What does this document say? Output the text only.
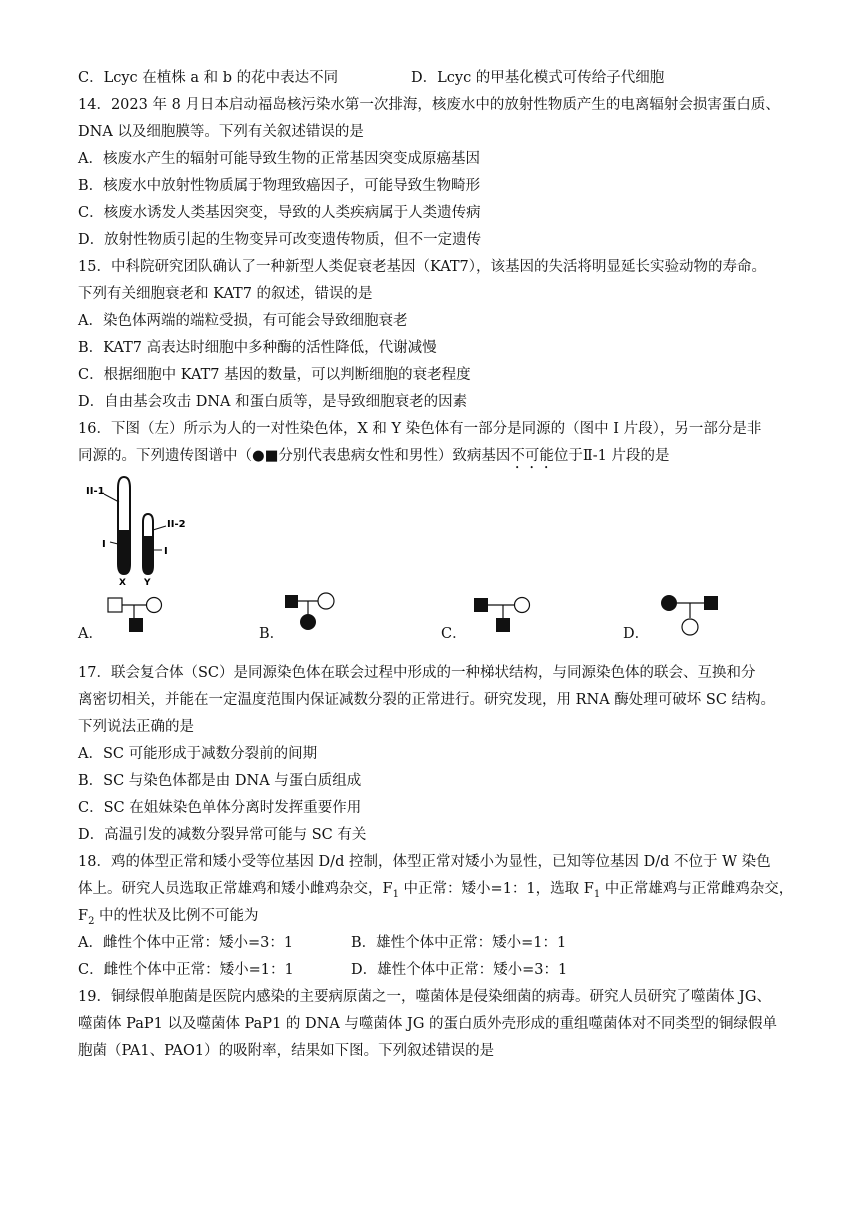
C．Lcyc 在植株 a 和 b 的花中表达不同	D．Lcyc 的甲基化模式可传给子代细胞
14．2023 年 8 月日本启动福岛核污染水第一次排海，核废水中的放射性物质产生的电离辐射会损害蛋白质、
DNA 以及细胞膜等。下列有关叙述错误的是
A．核废水产生的辐射可能导致生物的正常基因突变成原癌基因
B．核废水中放射性物质属于物理致癌因子，可能导致生物畸形
C．核废水诱发人类基因突变，导致的人类疾病属于人类遗传病
D．放射性物质引起的生物变异可改变遗传物质，但不一定遗传
15．中科院研究团队确认了一种新型人类促衰老基因（KAT7），该基因的失活将明显延长实验动物的寿命。
下列有关细胞衰老和 KAT7 的叙述，错误的是
A．染色体两端的端粒受损，有可能会导致细胞衰老
B．KAT7 高表达时细胞中多种酶的活性降低，代谢减慢
C．根据细胞中 KAT7 基因的数量，可以判断细胞的衰老程度
D．自由基会攻击 DNA 和蛋白质等，是导致细胞衰老的因素
16．下图（左）所示为人的一对性染色体，X 和 Y 染色体有一部分是同源的（图中 I 片段），另一部分是非
同源的。下列遗传图谱中（●■分别代表患病女性和男性）致病基因不可能位于Ⅱ-1 片段的是
II-1
II-2
I
I
X Y
A．	B．	C．	D．
17．联会复合体（SC）是同源染色体在联会过程中形成的一种梯状结构，与同源染色体的联会、互换和分
离密切相关，并能在一定温度范围内保证减数分裂的正常进行。研究发现，用 RNA 酶处理可破坏 SC 结构。
下列说法正确的是
A．SC 可能形成于减数分裂前的间期
B．SC 与染色体都是由 DNA 与蛋白质组成
C．SC 在姐妹染色单体分离时发挥重要作用
D．高温引发的减数分裂异常可能与 SC 有关
18．鸡的体型正常和矮小受等位基因 D/d 控制，体型正常对矮小为显性，已知等位基因 D/d 不位于 W 染色
体上。研究人员选取正常雄鸡和矮小雌鸡杂交，$F_1$ 中正常：矮小=1：1，选取 $F_1$ 中正常雄鸡与正常雌鸡杂交，
$F_2$ 中的性状及比例不可能为
A．雌性个体中正常：矮小=3：1	B．雄性个体中正常：矮小=1：1
C．雌性个体中正常：矮小=1：1	D．雄性个体中正常：矮小=3：1
19．铜绿假单胞菌是医院内感染的主要病原菌之一，噬菌体是侵染细菌的病毒。研究人员研究了噬菌体 JG、
噬菌体 PaP1 以及噬菌体 PaP1 的 DNA 与噬菌体 JG 的蛋白质外壳形成的重组噬菌体对不同类型的铜绿假单
胞菌（PA1、PAO1）的吸附率，结果如下图。下列叙述错误的是
